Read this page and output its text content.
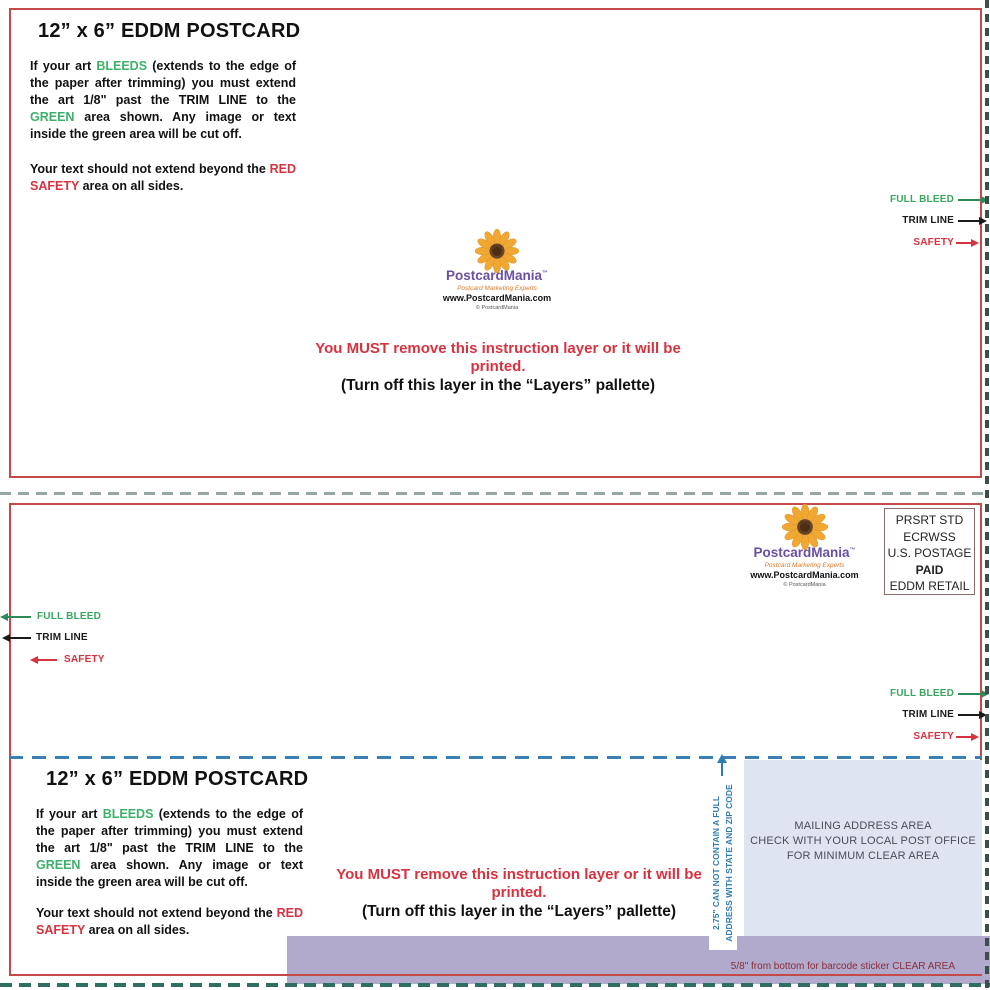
12” x 6” EDDM POSTCARD

If your art BLEEDS (extends to the edge of the paper after trimming) you must extend the art 1/8" past the TRIM LINE to the GREEN area shown. Any image or text inside the green area will be cut off.

Your text should not extend beyond the RED SAFETY area on all sides.

PostcardMania™
Postcard Marketing Experts
www.PostcardMania.com
© PostcardMania
You MUST remove this instruction layer or it will be printed.
(Turn off this layer in the “Layers” pallette)
FULL BLEED
TRIM LINE
SAFETY
PostcardMania™
Postcard Marketing Experts
www.PostcardMania.com
© PostcardMania
PRSRT STD
ECRWSS
U.S. POSTAGE
PAID
EDDM RETAIL
FULL BLEED
TRIM LINE
SAFETY
FULL BLEED
TRIM LINE
SAFETY
MAILING ADDRESS AREA
CHECK WITH YOUR LOCAL POST OFFICE
FOR MINIMUM CLEAR AREA
12” x 6” EDDM POSTCARD

If your art BLEEDS (extends to the edge of the paper after trimming) you must extend the art 1/8" past the TRIM LINE to the GREEN area shown. Any image or text inside the green area will be cut off.

Your text should not extend beyond the RED SAFETY area on all sides.

You MUST remove this instruction layer or it will be printed.
(Turn off this layer in the “Layers” pallette)	2.75" CAN NOT CONTAIN A FULL ADDRESS WITH STATE AND ZIP CODE
5/8" from bottom for barcode sticker CLEAR AREA
